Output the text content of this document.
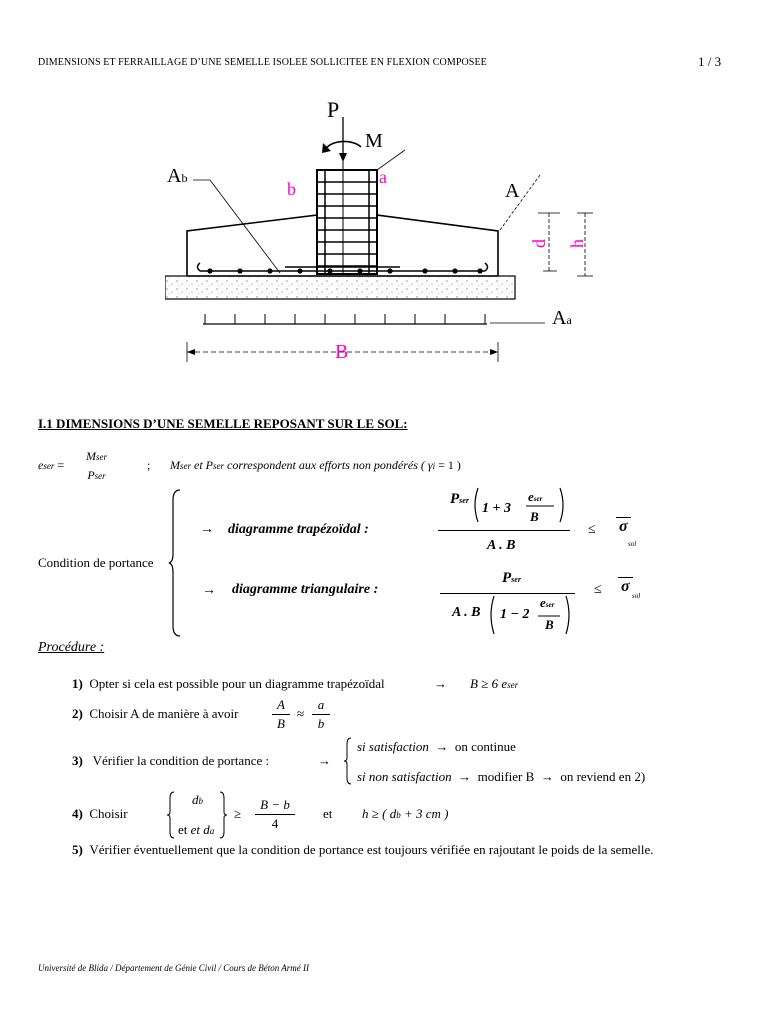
DIMENSIONS ET FERRAILLAGE D’UNE SEMELLE ISOLEE SOLLICITEE EN FLEXION COMPOSEE	1 / 3
P
M
Ab
b
a
A
d h
Aa
B
I.1 DIMENSIONS D’UNE SEMELLE REPOSANT SUR LE SOL:
eser =
Mser
Pser
; Mser et Pser correspondent aux efforts non pondérés ( γi = 1 )
Condition de portance
→ diagramme trapézoïdal :
Pser
1 + 3
eser
B
A . B
≤ σ
sol
→ diagramme triangulaire :
Pser
A . B 1 − 2
eser
B
≤ σ
sol
Procédure :
1) Opter si cela est possible pour un diagramme trapézoïdal	→ B ≥ 6 eser
2) Choisir A de manière à avoir
A
B
≈
a
b
3) Vérifier la condition de portance :	→
si satisfaction → on continue
si non satisfaction → modifier B → on reviend en 2)
4) Choisir
db
et et da
≥
B − b
4
et h ≥ ( db + 3 cm )
5) Vérifier éventuellement que la condition de portance est toujours vérifiée en rajoutant le poids de la semelle.
Université de Blida / Département de Génie Civil / Cours de Béton Armé II
